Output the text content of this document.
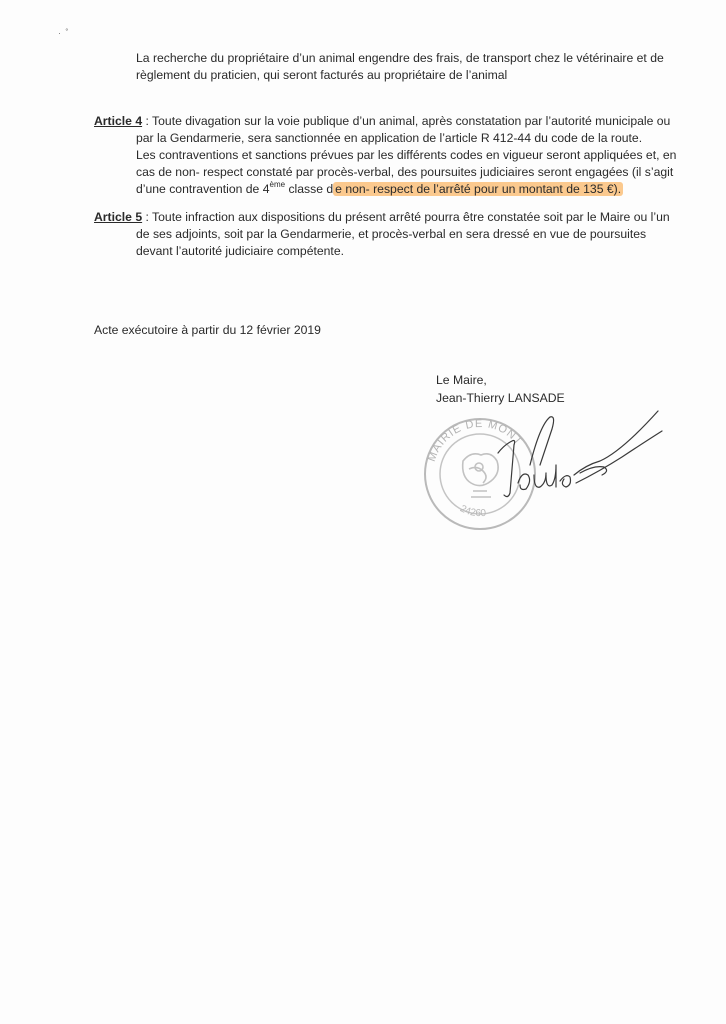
· ˚
La recherche du propriétaire d’un animal engendre des frais, de transport chez le vétérinaire et de
règlement du praticien, qui seront facturés au propriétaire de l’animal
Article 4 : Toute divagation sur la voie publique d’un animal, après constatation par l’autorité municipale ou
par la Gendarmerie, sera sanctionnée en application de l’article R 412-44 du code de la route.
Les contraventions et sanctions prévues par les différents codes en vigueur seront appliquées et, en
cas de non- respect constaté par procès-verbal, des poursuites judiciaires seront engagées (il s’agit
d’une contravention de 4ème classe d e non- respect de l’arrêté pour un montant de 135 €).
Article 5 : Toute infraction aux dispositions du présent arrêté pourra être constatée soit par le Maire ou l’un
de ses adjoints, soit par la Gendarmerie, et procès-verbal en sera dressé en vue de poursuites
devant l’autorité judiciaire compétente.
Acte exécutoire à partir du 12 février 2019
Le Maire,
Jean-Thierry LANSADE
MAIRIE DE MONT
24260
